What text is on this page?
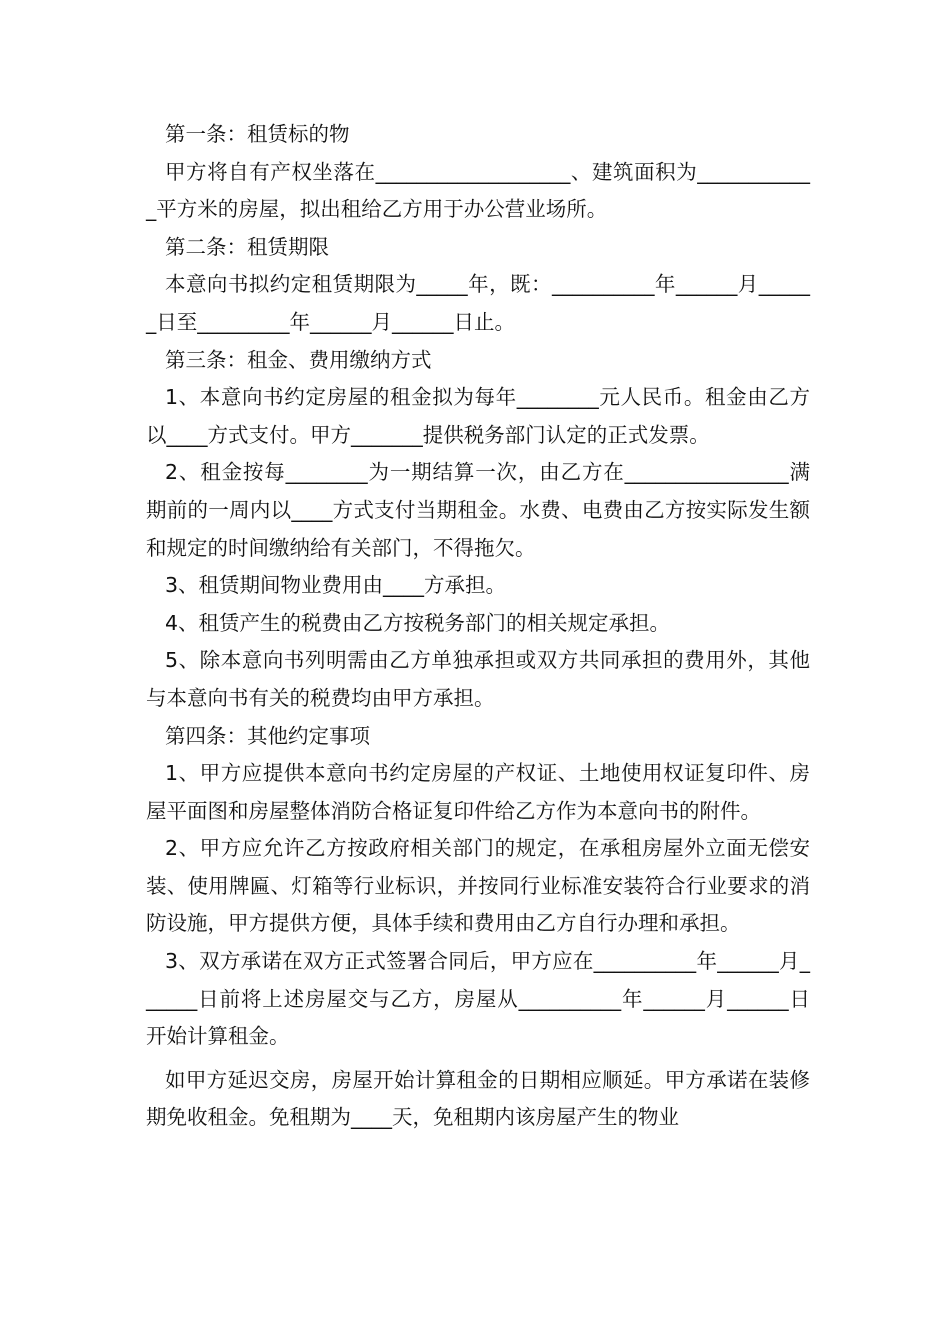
第一条：租赁标的物

甲方将自有产权坐落在___________________、建筑面积为____________平方米的房屋，拟出租给乙方用于办公营业场所。

第二条：租赁期限

本意向书拟约定租赁期限为_____年，既：__________年______月______日至_________年______月______日止。

第三条：租金、费用缴纳方式

1、本意向书约定房屋的租金拟为每年________元人民币。租金由乙方以____方式支付。甲方_______提供税务部门认定的正式发票。

2、租金按每________为一期结算一次，由乙方在________________满期前的一周内以____方式支付当期租金。水费、电费由乙方按实际发生额和规定的时间缴纳给有关部门，不得拖欠。

3、租赁期间物业费用由____方承担。

4、租赁产生的税费由乙方按税务部门的相关规定承担。

5、除本意向书列明需由乙方单独承担或双方共同承担的费用外，其他与本意向书有关的税费均由甲方承担。

第四条：其他约定事项

1、甲方应提供本意向书约定房屋的产权证、土地使用权证复印件、房屋平面图和房屋整体消防合格证复印件给乙方作为本意向书的附件。

2、甲方应允许乙方按政府相关部门的规定，在承租房屋外立面无偿安装、使用牌匾、灯箱等行业标识，并按同行业标准安装符合行业要求的消防设施，甲方提供方便，具体手续和费用由乙方自行办理和承担。

3、双方承诺在双方正式签署合同后，甲方应在__________年______月______日前将上述房屋交与乙方，房屋从__________年______月______日开始计算租金。

如甲方延迟交房，房屋开始计算租金的日期相应顺延。甲方承诺在装修期免收租金。免租期为____天，免租期内该房屋产生的物业
